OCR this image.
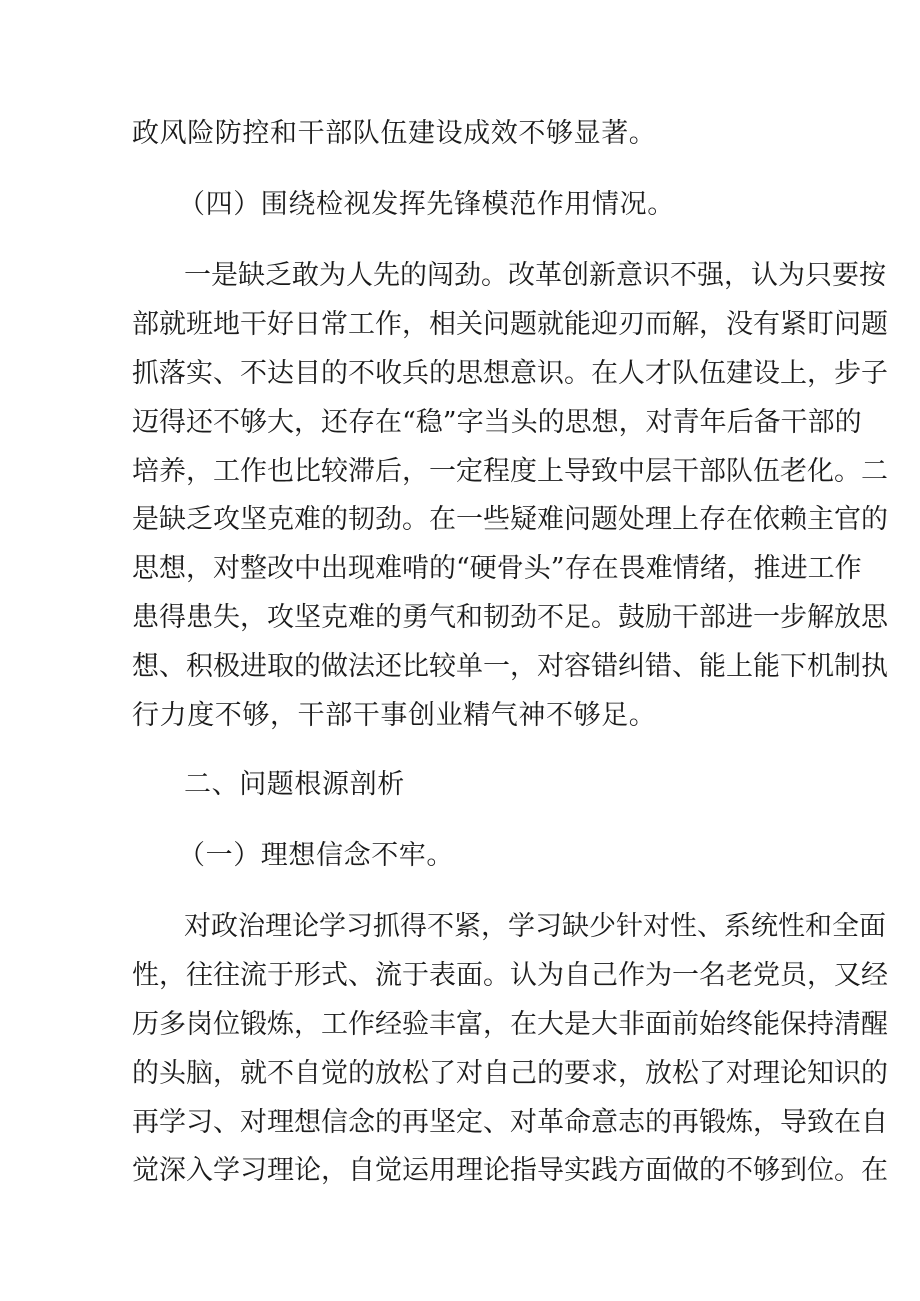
政风险防控和干部队伍建设成效不够显著。
（四）围绕检视发挥先锋模范作用情况。
一是缺乏敢为人先的闯劲。改革创新意识不强，认为只要按
部就班地干好日常工作，相关问题就能迎刃而解，没有紧盯问题
抓落实、不达目的不收兵的思想意识。在人才队伍建设上，步子
迈得还不够大，还存在“稳”字当头的思想，对青年后备干部的
培养，工作也比较滞后，一定程度上导致中层干部队伍老化。二
是缺乏攻坚克难的韧劲。在一些疑难问题处理上存在依赖主官的
思想，对整改中出现难啃的“硬骨头”存在畏难情绪，推进工作
患得患失，攻坚克难的勇气和韧劲不足。鼓励干部进一步解放思
想、积极进取的做法还比较单一，对容错纠错、能上能下机制执
行力度不够，干部干事创业精气神不够足。
二、问题根源剖析
（一）理想信念不牢。
对政治理论学习抓得不紧，学习缺少针对性、系统性和全面
性，往往流于形式、流于表面。认为自己作为一名老党员，又经
历多岗位锻炼，工作经验丰富，在大是大非面前始终能保持清醒
的头脑，就不自觉的放松了对自己的要求，放松了对理论知识的
再学习、对理想信念的再坚定、对革命意志的再锻炼，导致在自
觉深入学习理论，自觉运用理论指导实践方面做的不够到位。在
